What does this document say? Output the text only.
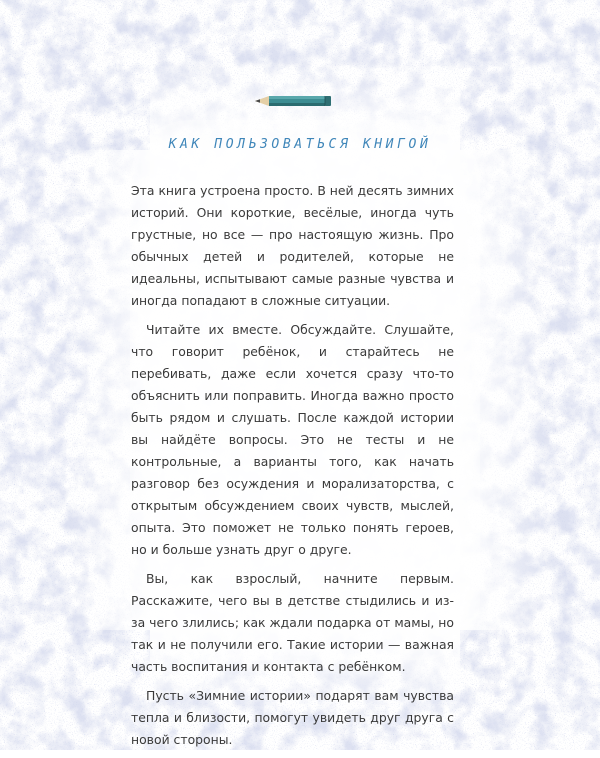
КАК ПОЛЬЗОВАТЬСЯ КНИГОЙ

Эта книга устроена просто. В ней десять зимних историй. Они короткие, весёлые, иногда чуть грустные, но все — про настоящую жизнь. Про обычных детей и родителей, которые не идеальны, испытывают самые разные чувства и иногда попадают в сложные ситуации.

Читайте их вместе. Обсуждайте. Слушайте, что говорит ребёнок, и старайтесь не перебивать, даже если хочется сразу что-то объяснить или поправить. Иногда важно просто быть рядом и слушать. После каждой истории вы найдёте вопросы. Это не тесты и не контрольные, а варианты того, как начать разговор без осуждения и морализаторства, с открытым обсуждением своих чувств, мыслей, опыта. Это поможет не только понять героев, но и больше узнать друг о друге.

Вы, как взрослый, начните первым. Расскажите, чего вы в детстве стыдились и из-за чего злились; как ждали подарка от мамы, но так и не получили его. Такие истории — важная часть воспитания и контакта с ребёнком.

Пусть «Зимние истории» подарят вам чувства тепла и близости, помогут увидеть друг друга с новой стороны.
